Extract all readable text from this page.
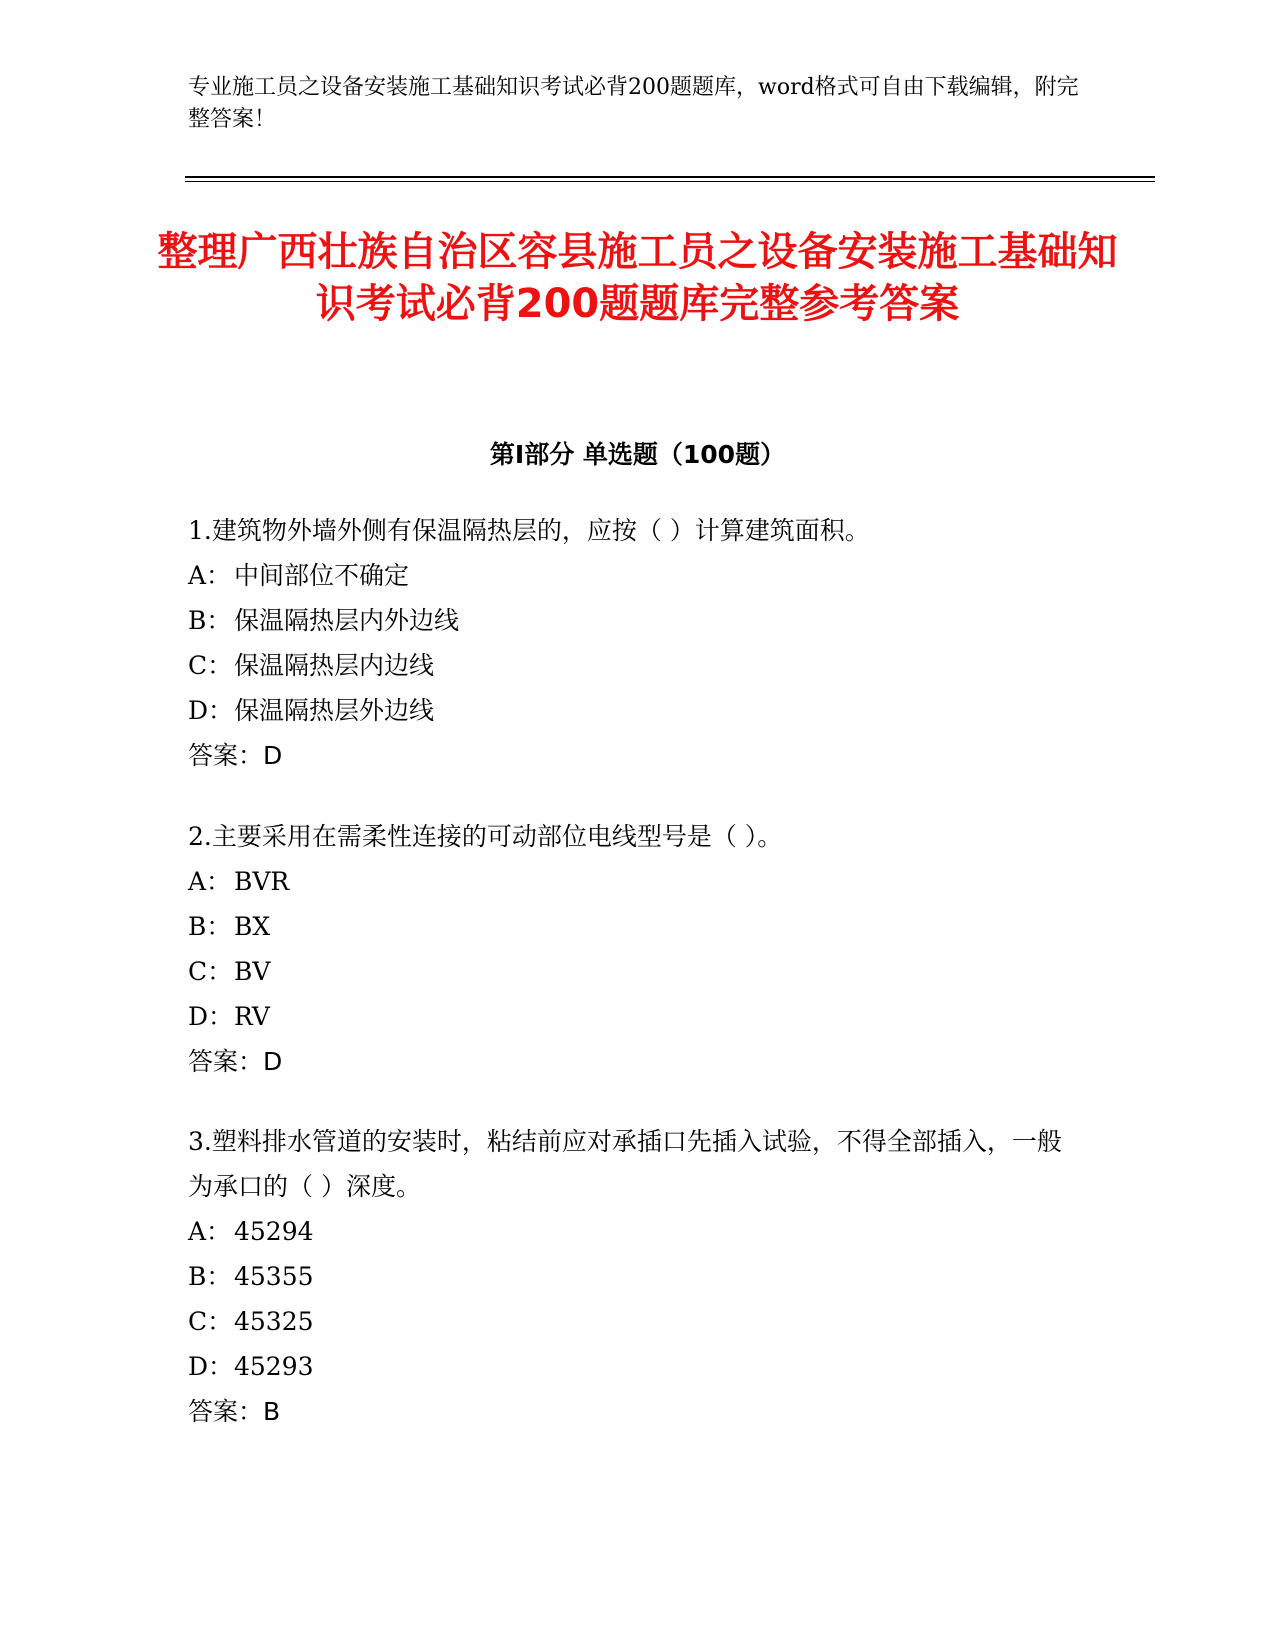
专业施工员之设备安装施工基础知识考试必背200题题库，word格式可自由下载编辑，附完整答案！

整理广西壮族自治区容县施工员之设备安装施工基础知识考试必背200题题库完整参考答案
第Ⅰ部分 单选题（100题）

1.建筑物外墙外侧有保温隔热层的，应按（ ）计算建筑面积。

A： 中间部位不确定

B： 保温隔热层内外边线

C：保温隔热层内边线

D：保温隔热层外边线

答案：D

2.主要采用在需柔性连接的可动部位电线型号是（ ）。

A： BVR

B： BX

C：BV

D：RV

答案：D

3.塑料排水管道的安装时，粘结前应对承插口先插入试验，不得全部插入，一般为承口的（ ）深度。

A： 45294

B： 45355

C：45325

D：45293

答案：B
